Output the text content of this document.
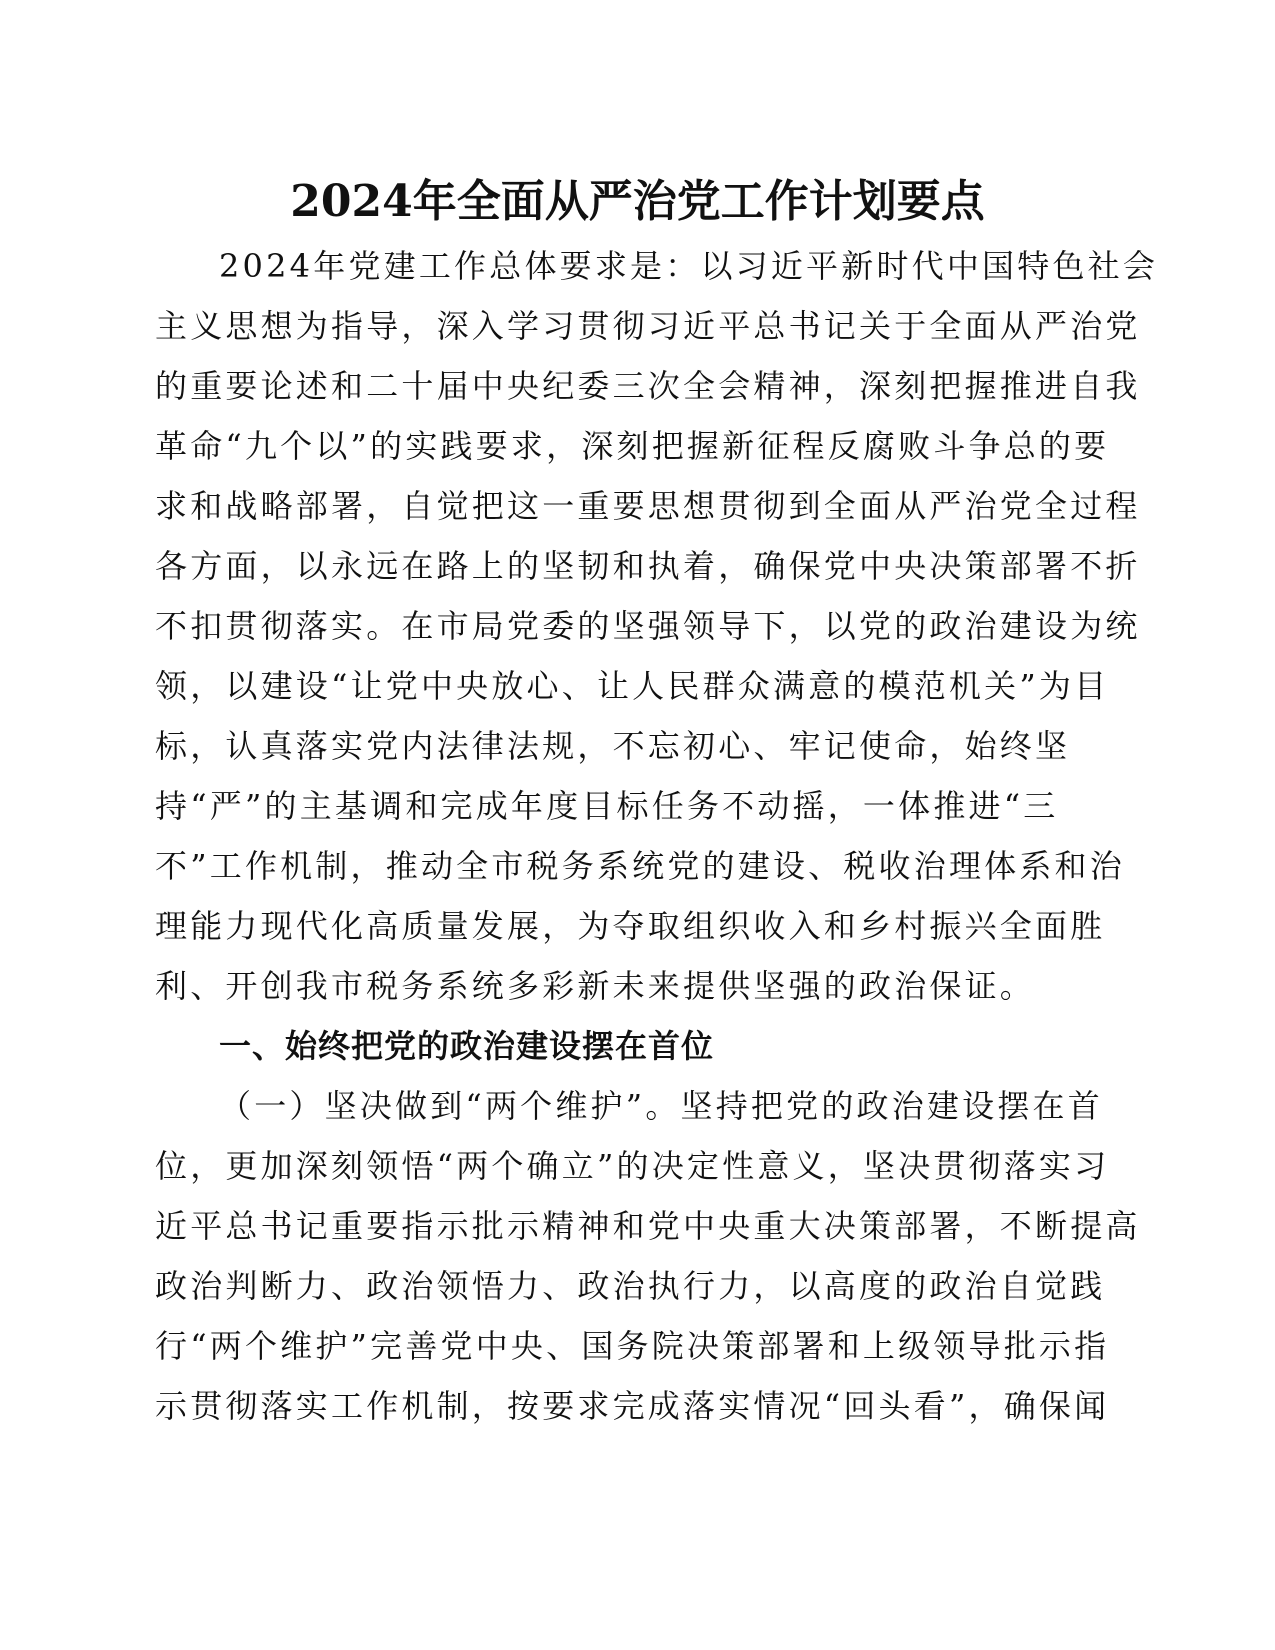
2024年全面从严治党工作计划要点
2024年党建工作总体要求是：以习近平新时代中国特色社会
主义思想为指导，深入学习贯彻习近平总书记关于全面从严治党
的重要论述和二十届中央纪委三次全会精神，深刻把握推进自我
革命“九个以”的实践要求，深刻把握新征程反腐败斗争总的要
求和战略部署，自觉把这一重要思想贯彻到全面从严治党全过程
各方面，以永远在路上的坚韧和执着，确保党中央决策部署不折
不扣贯彻落实。在市局党委的坚强领导下，以党的政治建设为统
领，以建设“让党中央放心、让人民群众满意的模范机关”为目
标，认真落实党内法律法规，不忘初心、牢记使命，始终坚
持“严”的主基调和完成年度目标任务不动摇，一体推进“三
不”工作机制，推动全市税务系统党的建设、税收治理体系和治
理能力现代化高质量发展，为夺取组织收入和乡村振兴全面胜
利、开创我市税务系统多彩新未来提供坚强的政治保证。
一、始终把党的政治建设摆在首位
（一）坚决做到“两个维护”。坚持把党的政治建设摆在首
位，更加深刻领悟“两个确立”的决定性意义，坚决贯彻落实习
近平总书记重要指示批示精神和党中央重大决策部署，不断提高
政治判断力、政治领悟力、政治执行力，以高度的政治自觉践
行“两个维护”完善党中央、国务院决策部署和上级领导批示指
示贯彻落实工作机制，按要求完成落实情况“回头看”，确保闻
